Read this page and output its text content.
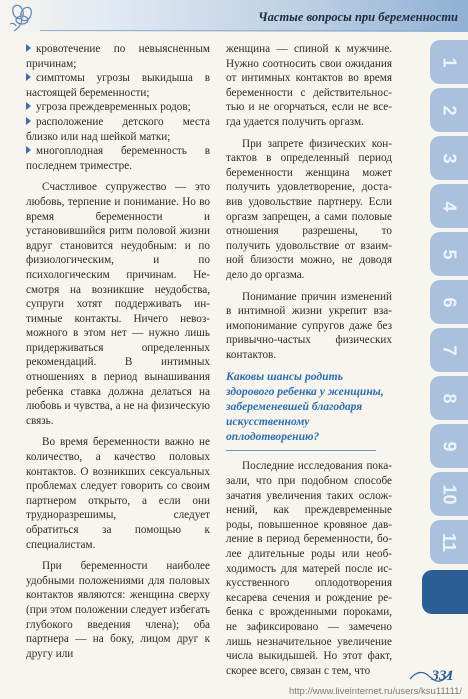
Частые вопросы при беременности

кровотечение по невыясненным причинам;

симптомы угрозы выкидыша в настоящей беременности;

угроза преждевременных родов;

расположение детского места близко или над шейкой матки;

многоплодная беременность в последнем триместре.

Счастливое супружество — это любовь, терпение и понимание. Но во время беременности и установившийся ритм половой жизни вдруг становится неудобным: и по физиологическим, и по психологическим причинам. Несмотря на возникшие неудобства, супруги хотят поддерживать интимные контакты. Ничего невозможного в этом нет — нужно лишь придерживаться определенных рекомендаций. В интимных отношениях в период вынашивания ребенка ставка должна делаться на любовь и чувства, а не на физическую связь.

Во время беременности важно не количество, а качество половых контактов. О возникших сексуальных проблемах следует говорить со своим партнером открыто, а если они трудноразрешимы, следует обратиться за помощью к специалистам.

При беременности наиболее удобными положениями для половых контактов являются: женщина сверху (при этом положении следует избегать глубокого введения члена); оба партнера — на боку, лицом друг к другу или

женщина — спиной к мужчине. Нужно соотносить свои ожидания от интимных контактов во время беременности с действительностью и не огорчаться, если не всегда удается получить оргазм.

При запрете физических контактов в определенный период беременности женщина может получить удовлетворение, доставив удовольствие партнеру. Если оргазм запрещен, а сами половые отношения разрешены, то получить удовольствие от взаимной близости можно, не доводя дело до оргазма.

Понимание причин изменений в интимной жизни укрепит взаимопонимание супругов даже без привычно-частых физических контактов.

Каковы шансы родить здорового ребенка у женщины, забеременевшей благодаря искусственному оплодотворению?

Последние исследования показали, что при подобном способе зачатия увеличения таких осложнений, как преждевременные роды, повышенное кровяное давление в период беременности, более длительные роды или необходимость для матерей после искусственного оплодотворения кесарева сечения и рождение ребенка с врожденными пороками, не зафиксировано — замечено лишь незначительное увеличение числа выкидышей. Но этот факт, скорее всего, связан с тем, что

1
2
3
4
5
6
7
8
9
10
11
331
http://www.liveinternet.ru/users/ksu11111/
